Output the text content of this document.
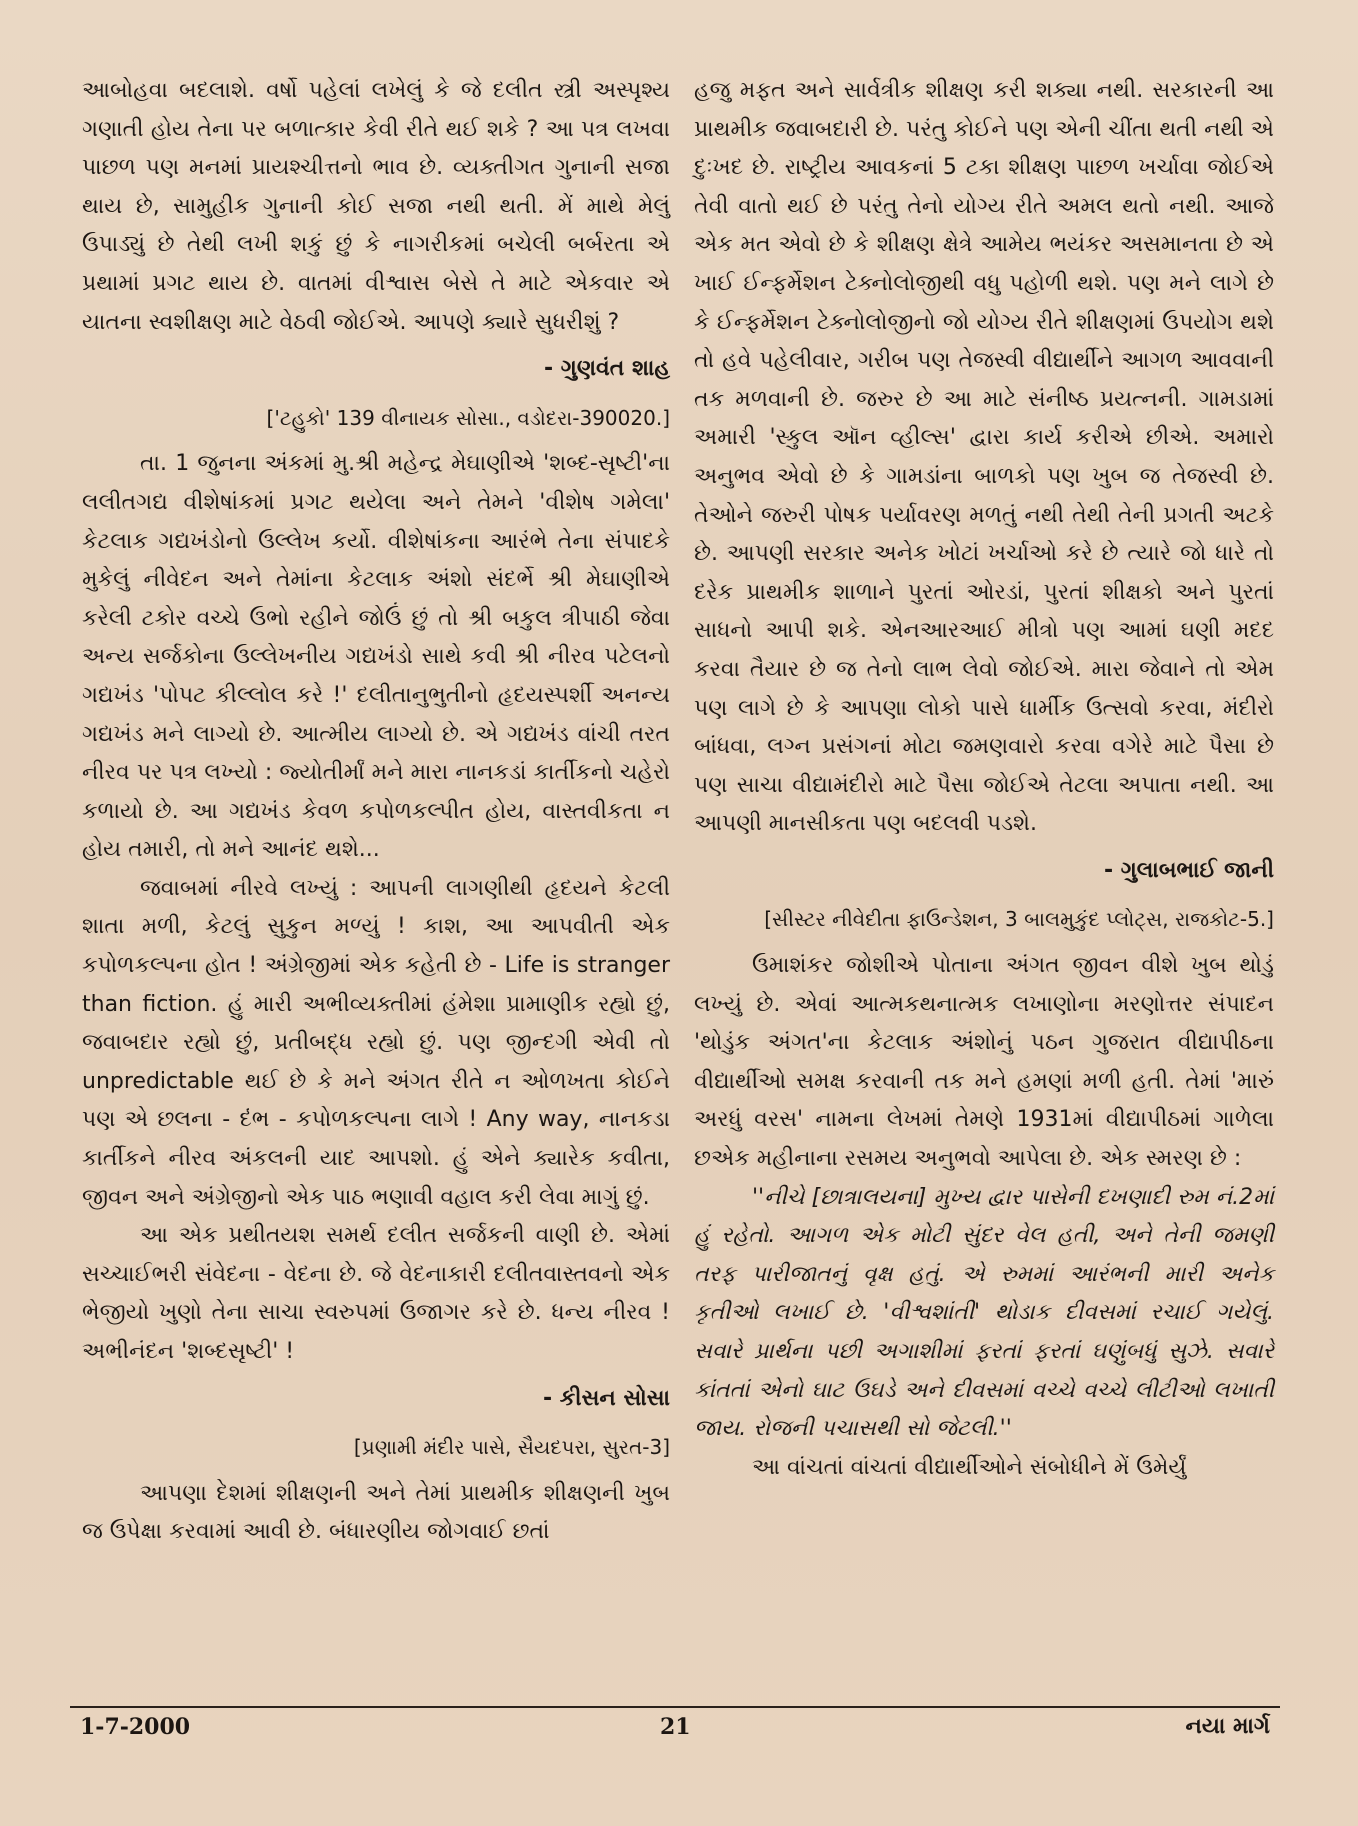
આબોહવા બદલાશે. વર્ષો પહેલાં લખેલું કે જે દલીત સ્ત્રી અસ્પૃશ્ય ગણાતી હોય તેના પર બળાત્કાર કેવી રીતે થઈ શકે ? આ પત્ર લખવા પાછળ પણ મનમાં પ્રાયશ્ચીત્તનો ભાવ છે. વ્યક્તીગત ગુનાની સજા થાય છે, સામુહીક ગુનાની કોઈ સજા નથી થતી. મેં માથે મેલું ઉપાડ્યું છે તેથી લખી શકું છું કે નાગરીકમાં બચેલી બર્બરતા એ પ્રથામાં પ્રગટ થાય છે. વાતમાં વીશ્વાસ બેસે તે માટે એકવાર એ યાતના સ્વશીક્ષણ માટે વેઠવી જોઈએ. આપણે ક્યારે સુધરીશું ?

- ગુણવંત શાહ

['ટહુકો' 139 વીનાયક સોસા., વડોદરા-390020.]

તા. 1 જુનના અંકમાં મુ.શ્રી મહેન્દ્ર મેઘાણીએ 'શબ્દ-સૃષ્ટી'ના લલીતગદ્ય વીશેષાંકમાં પ્રગટ થયેલા અને તેમને 'વીશેષ ગમેલા' કેટલાક ગદ્યખંડોનો ઉલ્લેખ કર્યો. વીશેષાંકના આરંભે તેના સંપાદકે મુકેલું નીવેદન અને તેમાંના કેટલાક અંશો સંદર્ભે શ્રી મેઘાણીએ કરેલી ટકોર વચ્ચે ઉભો રહીને જોઉં છું તો શ્રી બકુલ ત્રીપાઠી જેવા અન્ય સર્જકોના ઉલ્લેખનીય ગદ્યખંડો સાથે કવી શ્રી નીરવ પટેલનો ગદ્યખંડ 'પોપટ કીલ્લોલ કરે !' દલીતાનુભુતીનો હૃદયસ્પર્શી અનન્ય ગદ્યખંડ મને લાગ્યો છે. આત્મીય લાગ્યો છે. એ ગદ્યખંડ વાંચી તરત નીરવ પર પત્ર લખ્યો : જ્યોતીર્માં મને મારા નાનકડાં કાર્તીકનો ચહેરો કળાયો છે. આ ગદ્યખંડ કેવળ કપોળકલ્પીત હોય, વાસ્તવીકતા ન હોય તમારી, તો મને આનંદ થશે...

જવાબમાં નીરવે લખ્યું : આપની લાગણીથી હૃદયને કેટલી શાતા મળી, કેટલું સુકુન મળ્યું ! કાશ, આ આપવીતી એક કપોળકલ્પના હોત ! અંગ્રેજીમાં એક કહેતી છે - Life is stranger than fiction. હું મારી અભીવ્યક્તીમાં હંમેશા પ્રામાણીક રહ્યો છું, જવાબદાર રહ્યો છું, પ્રતીબદ્ધ રહ્યો છું. પણ જીન્દગી એવી તો unpredictable થઈ છે કે મને અંગત રીતે ન ઓળખતા કોઈને પણ એ છલના - દંભ - કપોળકલ્પના લાગે ! Any way, નાનકડા કાર્તીકને નીરવ અંકલની યાદ આપશો. હું એને ક્યારેક કવીતા, જીવન અને અંગ્રેજીનો એક પાઠ ભણાવી વહાલ કરી લેવા માગું છું.

આ એક પ્રથીતયશ સમર્થ દલીત સર્જકની વાણી છે. એમાં સચ્ચાઈભરી સંવેદના - વેદના છે. જે વેદનાકારી દલીતવાસ્તવનો એક ભેજીયો ખુણો તેના સાચા સ્વરુપમાં ઉજાગર કરે છે. ધન્ય નીરવ ! અભીનંદન 'શબ્દસૃષ્ટી' !

- કીસન સોસા

[પ્રણામી મંદીર પાસે, સૈયદપરા, સુરત-3]

આપણા દેશમાં શીક્ષણની અને તેમાં પ્રાથમીક શીક્ષણની ખુબ જ ઉપેક્ષા કરવામાં આવી છે. બંધારણીય જોગવાઈ છતાં

હજુ મફત અને સાર્વત્રીક શીક્ષણ કરી શક્યા નથી. સરકારની આ પ્રાથમીક જવાબદારી છે. પરંતુ કોઈને પણ એની ચીંતા થતી નથી એ દુઃખદ છે. રાષ્ટ્રીય આવકનાં 5 ટકા શીક્ષણ પાછળ ખર્ચાવા જોઈએ તેવી વાતો થઈ છે પરંતુ તેનો યોગ્ય રીતે અમલ થતો નથી. આજે એક મત એવો છે કે શીક્ષણ ક્ષેત્રે આમેય ભયંકર અસમાનતા છે એ ખાઈ ઈન્ફર્મેશન ટેક્નોલોજીથી વધુ પહોળી થશે. પણ મને લાગે છે કે ઈન્ફર્મેશન ટેક્નોલોજીનો જો યોગ્ય રીતે શીક્ષણમાં ઉપયોગ થશે તો હવે પહેલીવાર, ગરીબ પણ તેજસ્વી વીદ્યાર્થીને આગળ આવવાની તક મળવાની છે. જરુર છે આ માટે સંનીષ્ઠ પ્રયત્નની. ગામડામાં અમારી 'સ્કુલ ઑન વ્હીલ્સ' દ્વારા કાર્ય કરીએ છીએ. અમારો અનુભવ એવો છે કે ગામડાંના બાળકો પણ ખુબ જ તેજસ્વી છે. તેઓને જરુરી પોષક પર્યાવરણ મળતું નથી તેથી તેની પ્રગતી અટકે છે. આપણી સરકાર અનેક ખોટાં ખર્ચાઓ કરે છે ત્યારે જો ધારે તો દરેક પ્રાથમીક શાળાને પુરતાં ઓરડાં, પુરતાં શીક્ષકો અને પુરતાં સાધનો આપી શકે. એનઆરઆઈ મીત્રો પણ આમાં ઘણી મદદ કરવા તૈયાર છે જ તેનો લાભ લેવો જોઈએ. મારા જેવાને તો એમ પણ લાગે છે કે આપણા લોકો પાસે ધાર્મીક ઉત્સવો કરવા, મંદીરો બાંધવા, લગ્ન પ્રસંગનાં મોટા જમણવારો કરવા વગેરે માટે પૈસા છે પણ સાચા વીદ્યામંદીરો માટે પૈસા જોઈએ તેટલા અપાતા નથી. આ આપણી માનસીકતા પણ બદલવી પડશે.

- ગુલાબભાઈ જાની

[સીસ્ટર નીવેદીતા ફાઉન્ડેશન, 3 બાલમુકુંદ પ્લોટ્સ, રાજકોટ-5.]

ઉમાશંકર જોશીએ પોતાના અંગત જીવન વીશે ખુબ થોડું લખ્યું છે. એવાં આત્મકથનાત્મક લખાણોના મરણોત્તર સંપાદન 'થોડુંક અંગત'ના કેટલાક અંશોનું પઠન ગુજરાત વીદ્યાપીઠના વીદ્યાર્થીઓ સમક્ષ કરવાની તક મને હમણાં મળી હતી. તેમાં 'મારું અરધું વરસ' નામના લેખમાં તેમણે 1931માં વીદ્યાપીઠમાં ગાળેલા છએક મહીનાના રસમય અનુભવો આપેલા છે. એક સ્મરણ છે :

''નીચે [છાત્રાલયના] મુખ્ય દ્વાર પાસેની દખણાદી રુમ નં.2માં હું રહેતો. આગળ એક મોટી સુંદર વેલ હતી, અને તેની જમણી તરફ પારીજાતનું વૃક્ષ હતું. એ રુમમાં આરંભની મારી અનેક કૃતીઓ લખાઈ છે. 'વીશ્વશાંતી' થોડાક દીવસમાં રચાઈ ગયેલું. સવારે પ્રાર્થના પછી અગાશીમાં ફરતાં ફરતાં ઘણુંબધું સુઝે. સવારે કાંતતાં એનો ઘાટ ઉઘડે અને દીવસમાં વચ્ચે વચ્ચે લીટીઓ લખાતી જાય. રોજની પચાસથી સો જેટલી.''

આ વાંચતાં વાંચતાં વીદ્યાર્થીઓને સંબોધીને મેં ઉમેર્યું

1-7-2000	21	નયા માર્ગ
